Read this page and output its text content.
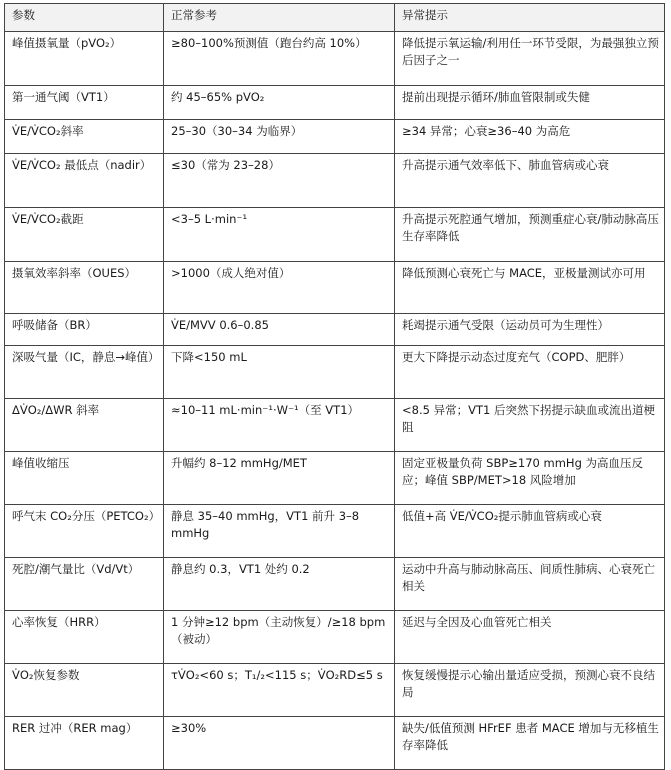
参数	正常参考	异常提示
峰值摄氧量（pVO₂）	≥80–100%预测值（跑台约高 10%）	降低提示氧运输/利用任一环节受限，为最强独立预后因子之一
第一通气阈（VT1）	约 45–65% pVO₂	提前出现提示循环/肺血管限制或失健
V̇E/V̇CO₂斜率	25–30（30–34 为临界）	≥34 异常；心衰≥36–40 为高危
V̇E/V̇CO₂ 最低点（nadir）	≤30（常为 23–28）	升高提示通气效率低下、肺血管病或心衰
V̇E/V̇CO₂截距	<3–5 L·min⁻¹	升高提示死腔通气增加，预测重症心衰/肺动脉高压生存率降低
摄氧效率斜率（OUES）	>1000（成人绝对值）	降低预测心衰死亡与 MACE，亚极量测试亦可用
呼吸储备（BR）	V̇E/MVV 0.6–0.85	耗竭提示通气受限（运动员可为生理性）
深吸气量（IC，静息→峰值）	下降<150 mL	更大下降提示动态过度充气（COPD、肥胖）
ΔV̇O₂/ΔWR 斜率	≈10–11 mL·min⁻¹·W⁻¹（至 VT1）	<8.5 异常；VT1 后突然下拐提示缺血或流出道梗阻
峰值收缩压	升幅约 8–12 mmHg/MET	固定亚极量负荷 SBP≥170 mmHg 为高血压反应；峰值 SBP/MET>18 风险增加
呼气末 CO₂分压（PETCO₂）	静息 35–40 mmHg，VT1 前升 3–8 mmHg	低值+高 V̇E/V̇CO₂提示肺血管病或心衰
死腔/潮气量比（Vd/Vt）	静息约 0.3，VT1 处约 0.2	运动中升高与肺动脉高压、间质性肺病、心衰死亡相关
心率恢复（HRR）	1 分钟≥12 bpm（主动恢复）/≥18 bpm（被动）	延迟与全因及心血管死亡相关
V̇O₂恢复参数	τV̇O₂<60 s；T₁/₂<115 s；V̇O₂RD≤5 s	恢复缓慢提示心输出量适应受损，预测心衰不良结局
RER 过冲（RER mag）	≥30%	缺失/低值预测 HFrEF 患者 MACE 增加与无移植生存率降低
